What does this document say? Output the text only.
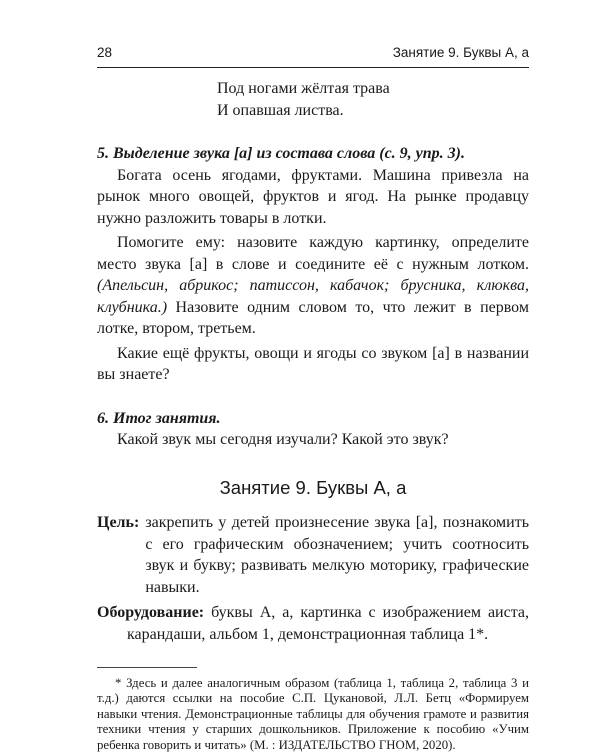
28	Занятие 9. Буквы А, а
Под ногами жёлтая трава
И опавшая листва.
5. Выделение звука [а] из состава слова (с. 9, упр. 3).
Богата осень ягодами, фруктами. Машина привезла на рынок много овощей, фруктов и ягод. На рынке продавцу нужно разложить товары в лотки.
Помогите ему: назовите каждую картинку, определите место звука [а] в слове и соедините её с нужным лотком. (Апельсин, абрикос; патиссон, кабачок; брусника, клюква, клубника.) Назовите одним словом то, что лежит в первом лотке, втором, третьем.
Какие ещё фрукты, овощи и ягоды со звуком [а] в названии вы знаете?
6. Итог занятия.
Какой звук мы сегодня изучали? Какой это звук?
Занятие 9. Буквы А, а
Цель: закрепить у детей произнесение звука [а], познакомить с его графическим обозначением; учить соотносить звук и букву; развивать мелкую моторику, графические навыки.
Оборудование: буквы А, а, картинка с изображением аиста, карандаши, альбом 1, демонстрационная таблица 1*.
* Здесь и далее аналогичным образом (таблица 1, таблица 2, таблица 3 и т.д.) даются ссылки на пособие С.П. Цукановой, Л.Л. Бетц «Формируем навыки чтения. Демонстрационные таблицы для обучения грамоте и развития техники чтения у старших дошкольников. Приложение к пособию «Учим ребенка говорить и читать» (М. : ИЗДАТЕЛЬСТВО ГНОМ, 2020).
